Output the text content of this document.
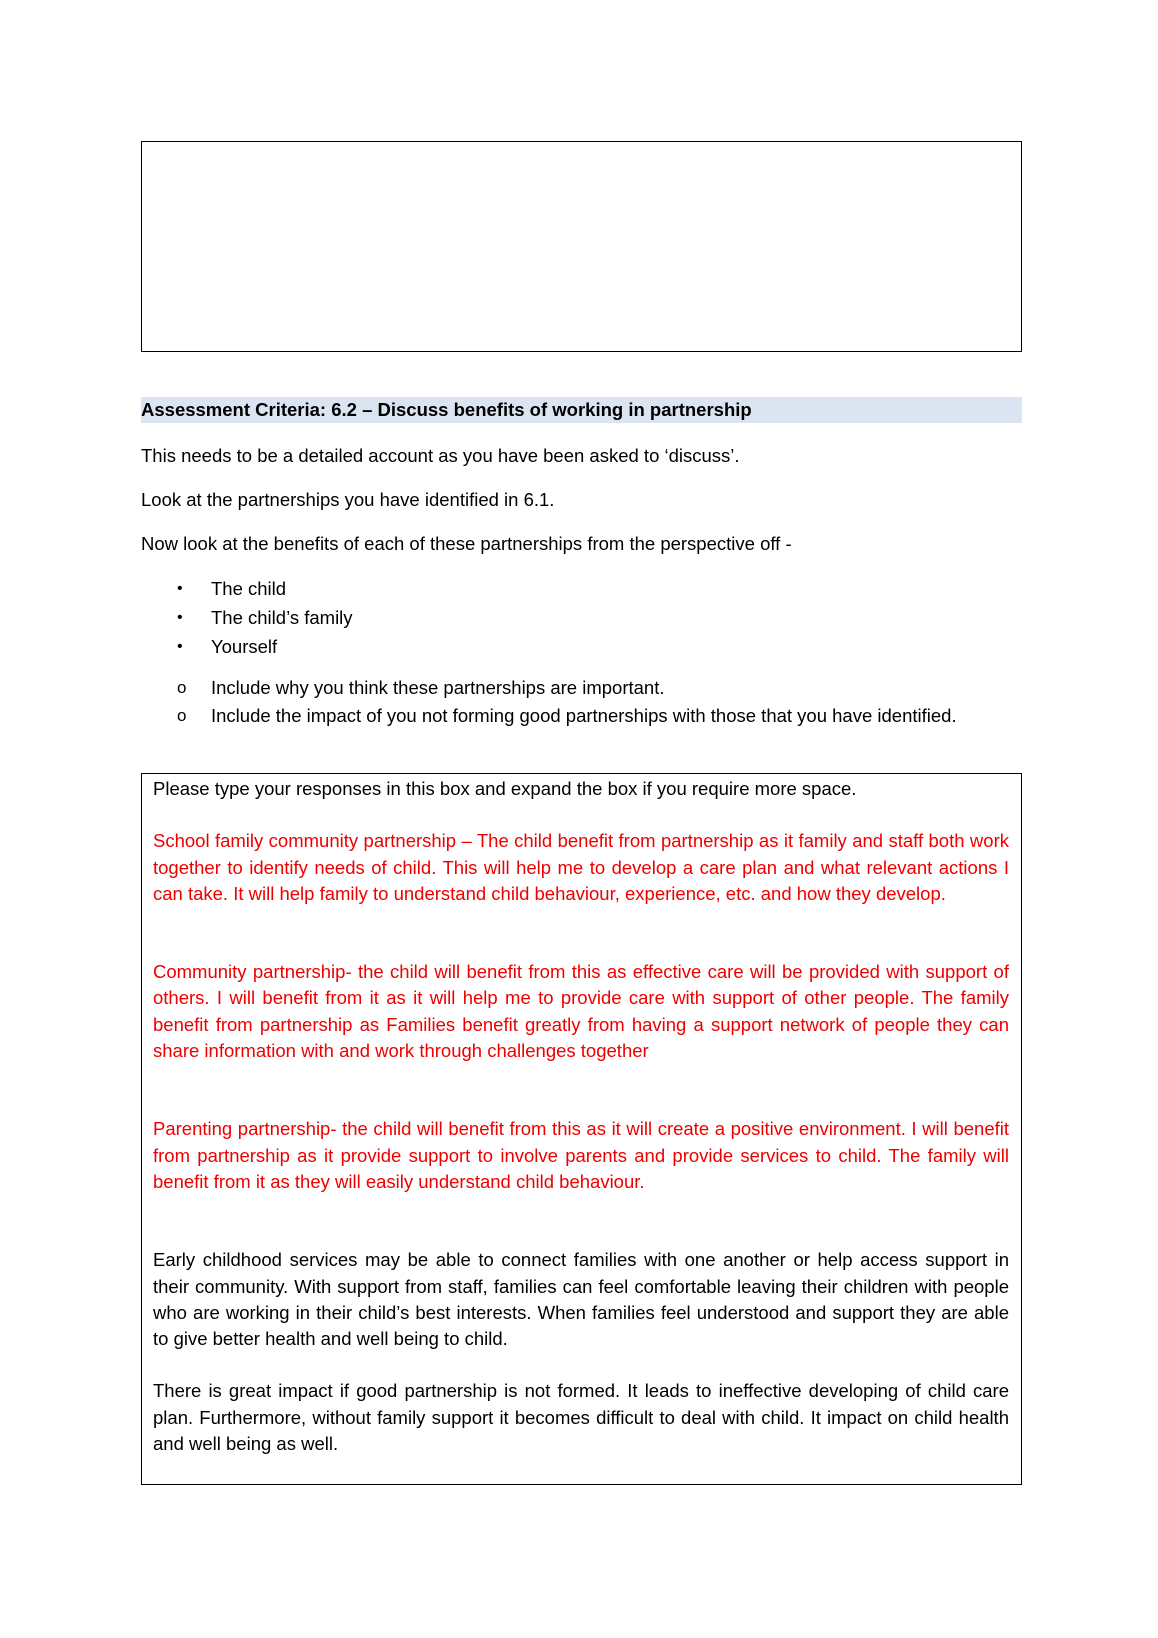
Assessment Criteria: 6.2 – Discuss benefits of working in partnership
This needs to be a detailed account as you have been asked to ‘discuss’.
Look at the partnerships you have identified in 6.1.
Now look at the benefits of each of these partnerships from the perspective off -
• The child
• The child’s family
• Yourself
o Include why you think these partnerships are important.
o Include the impact of you not forming good partnerships with those that you have identified.

Please type your responses in this box and expand the box if you require more space.

School family community partnership – The child benefit from partnership as it family and staff both work together to identify needs of child. This will help me to develop a care plan and what relevant actions I can take. It will help family to understand child behaviour, experience, etc. and how they develop.

Community partnership- the child will benefit from this as effective care will be provided with support of others. I will benefit from it as it will help me to provide care with support of other people. The family benefit from partnership as Families benefit greatly from having a support network of people they can share information with and work through challenges together

Parenting partnership- the child will benefit from this as it will create a positive environment. I will benefit from partnership as it provide support to involve parents and provide services to child. The family will benefit from it as they will easily understand child behaviour.

Early childhood services may be able to connect families with one another or help access support in their community. With support from staff, families can feel comfortable leaving their children with people who are working in their child’s best interests. When families feel understood and support they are able to give better health and well being to child.

There is great impact if good partnership is not formed. It leads to ineffective developing of child care plan. Furthermore, without family support it becomes difficult to deal with child. It impact on child health and well being as well.
